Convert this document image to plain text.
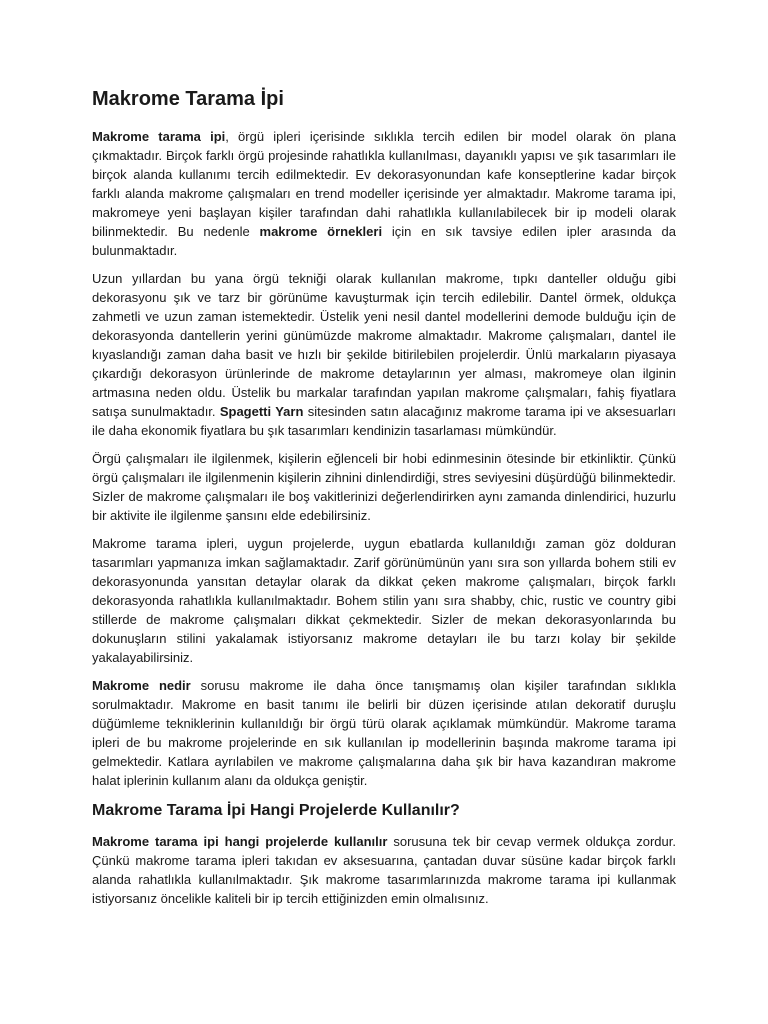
Makrome Tarama İpi

Makrome tarama ipi, örgü ipleri içerisinde sıklıkla tercih edilen bir model olarak ön plana çıkmaktadır. Birçok farklı örgü projesinde rahatlıkla kullanılması, dayanıklı yapısı ve şık tasarımları ile birçok alanda kullanımı tercih edilmektedir. Ev dekorasyonundan kafe konseptlerine kadar birçok farklı alanda makrome çalışmaları en trend modeller içerisinde yer almaktadır. Makrome tarama ipi, makromeye yeni başlayan kişiler tarafından dahi rahatlıkla kullanılabilecek bir ip modeli olarak bilinmektedir. Bu nedenle makrome örnekleri için en sık tavsiye edilen ipler arasında da bulunmaktadır.

Uzun yıllardan bu yana örgü tekniği olarak kullanılan makrome, tıpkı danteller olduğu gibi dekorasyonu şık ve tarz bir görünüme kavuşturmak için tercih edilebilir. Dantel örmek, oldukça zahmetli ve uzun zaman istemektedir. Üstelik yeni nesil dantel modellerini demode bulduğu için de dekorasyonda dantellerin yerini günümüzde makrome almaktadır. Makrome çalışmaları, dantel ile kıyaslandığı zaman daha basit ve hızlı bir şekilde bitirilebilen projelerdir. Ünlü markaların piyasaya çıkardığı dekorasyon ürünlerinde de makrome detaylarının yer alması, makromeye olan ilginin artmasına neden oldu. Üstelik bu markalar tarafından yapılan makrome çalışmaları, fahiş fiyatlara satışa sunulmaktadır. Spagetti Yarn sitesinden satın alacağınız makrome tarama ipi ve aksesuarları ile daha ekonomik fiyatlara bu şık tasarımları kendinizin tasarlaması mümkündür.

Örgü çalışmaları ile ilgilenmek, kişilerin eğlenceli bir hobi edinmesinin ötesinde bir etkinliktir. Çünkü örgü çalışmaları ile ilgilenmenin kişilerin zihnini dinlendirdiği, stres seviyesini düşürdüğü bilinmektedir. Sizler de makrome çalışmaları ile boş vakitlerinizi değerlendirirken aynı zamanda dinlendirici, huzurlu bir aktivite ile ilgilenme şansını elde edebilirsiniz.

Makrome tarama ipleri, uygun projelerde, uygun ebatlarda kullanıldığı zaman göz dolduran tasarımları yapmanıza imkan sağlamaktadır. Zarif görünümünün yanı sıra son yıllarda bohem stili ev dekorasyonunda yansıtan detaylar olarak da dikkat çeken makrome çalışmaları, birçok farklı dekorasyonda rahatlıkla kullanılmaktadır. Bohem stilin yanı sıra shabby, chic, rustic ve country gibi stillerde de makrome çalışmaları dikkat çekmektedir. Sizler de mekan dekorasyonlarında bu dokunuşların stilini yakalamak istiyorsanız makrome detayları ile bu tarzı kolay bir şekilde yakalayabilirsiniz.

Makrome nedir sorusu makrome ile daha önce tanışmamış olan kişiler tarafından sıklıkla sorulmaktadır. Makrome en basit tanımı ile belirli bir düzen içerisinde atılan dekoratif duruşlu düğümleme tekniklerinin kullanıldığı bir örgü türü olarak açıklamak mümkündür. Makrome tarama ipleri de bu makrome projelerinde en sık kullanılan ip modellerinin başında makrome tarama ipi gelmektedir. Katlara ayrılabilen ve makrome çalışmalarına daha şık bir hava kazandıran makrome halat iplerinin kullanım alanı da oldukça geniştir.

Makrome Tarama İpi Hangi Projelerde Kullanılır?

Makrome tarama ipi hangi projelerde kullanılır sorusuna tek bir cevap vermek oldukça zordur. Çünkü makrome tarama ipleri takıdan ev aksesuarına, çantadan duvar süsüne kadar birçok farklı alanda rahatlıkla kullanılmaktadır. Şık makrome tasarımlarınızda makrome tarama ipi kullanmak istiyorsanız öncelikle kaliteli bir ip tercih ettiğinizden emin olmalısınız.
